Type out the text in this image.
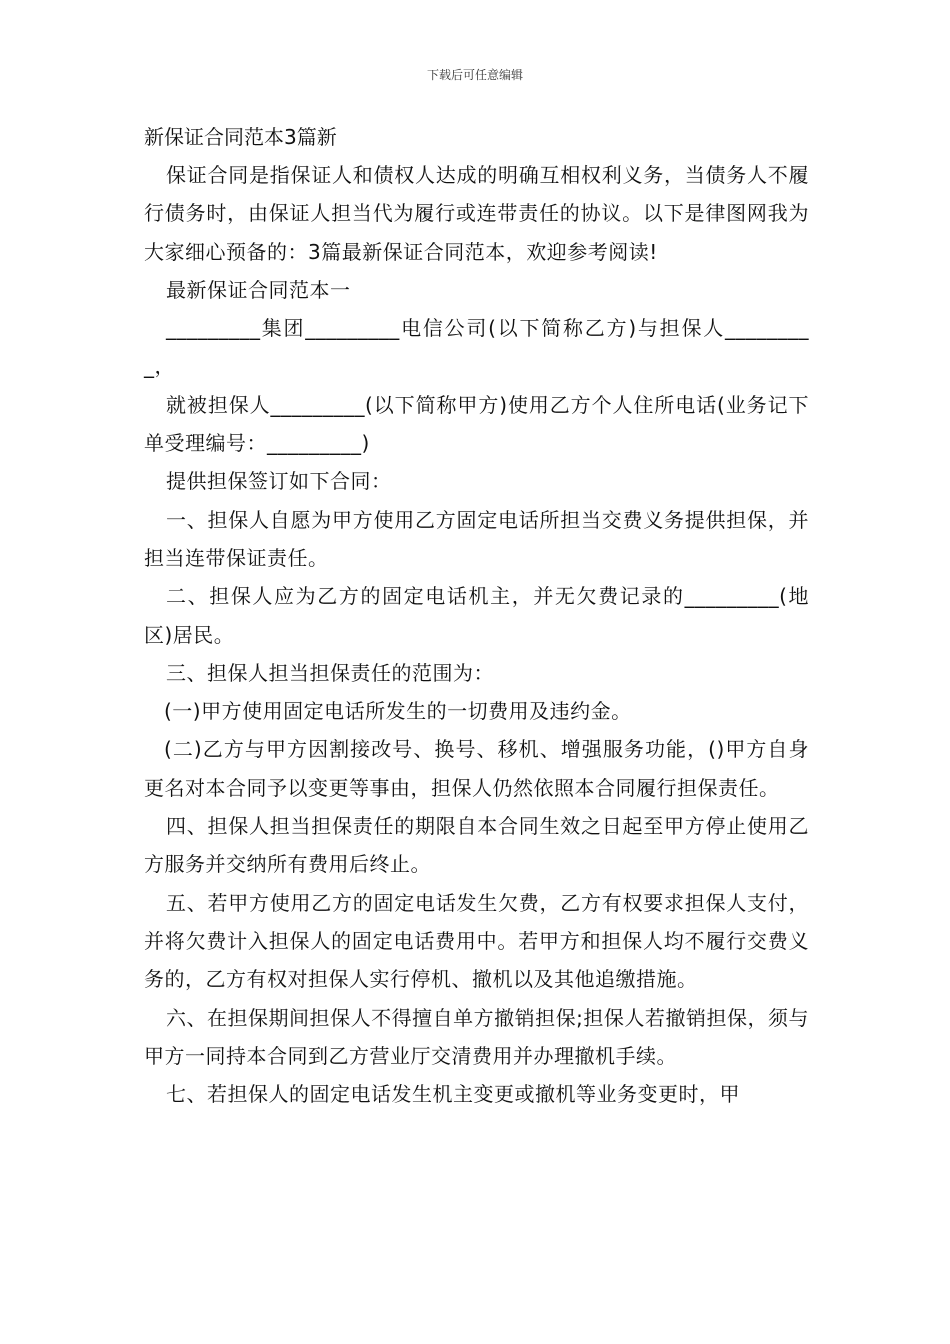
下载后可任意编辑

新保证合同范本3篇新

保证合同是指保证人和债权人达成的明确互相权利义务，当债务人不履行债务时，由保证人担当代为履行或连带责任的协议。以下是律图网我为大家细心预备的：3篇最新保证合同范本，欢迎参考阅读!

最新保证合同范本一

_________集团_________电信公司(以下简称乙方)与担保人_________，

就被担保人_________(以下简称甲方)使用乙方个人住所电话(业务记下单受理编号：_________)

提供担保签订如下合同：

一、担保人自愿为甲方使用乙方固定电话所担当交费义务提供担保，并担当连带保证责任。

二、担保人应为乙方的固定电话机主，并无欠费记录的_________(地区)居民。

三、担保人担当担保责任的范围为：

(一)甲方使用固定电话所发生的一切费用及违约金。

(二)乙方与甲方因割接改号、换号、移机、增强服务功能，()甲方自身更名对本合同予以变更等事由，担保人仍然依照本合同履行担保责任。

四、担保人担当担保责任的期限自本合同生效之日起至甲方停止使用乙方服务并交纳所有费用后终止。

五、若甲方使用乙方的固定电话发生欠费，乙方有权要求担保人支付，并将欠费计入担保人的固定电话费用中。若甲方和担保人均不履行交费义务的，乙方有权对担保人实行停机、撤机以及其他追缴措施。

六、在担保期间担保人不得擅自单方撤销担保;担保人若撤销担保，须与甲方一同持本合同到乙方营业厅交清费用并办理撤机手续。

七、若担保人的固定电话发生机主变更或撤机等业务变更时，甲
